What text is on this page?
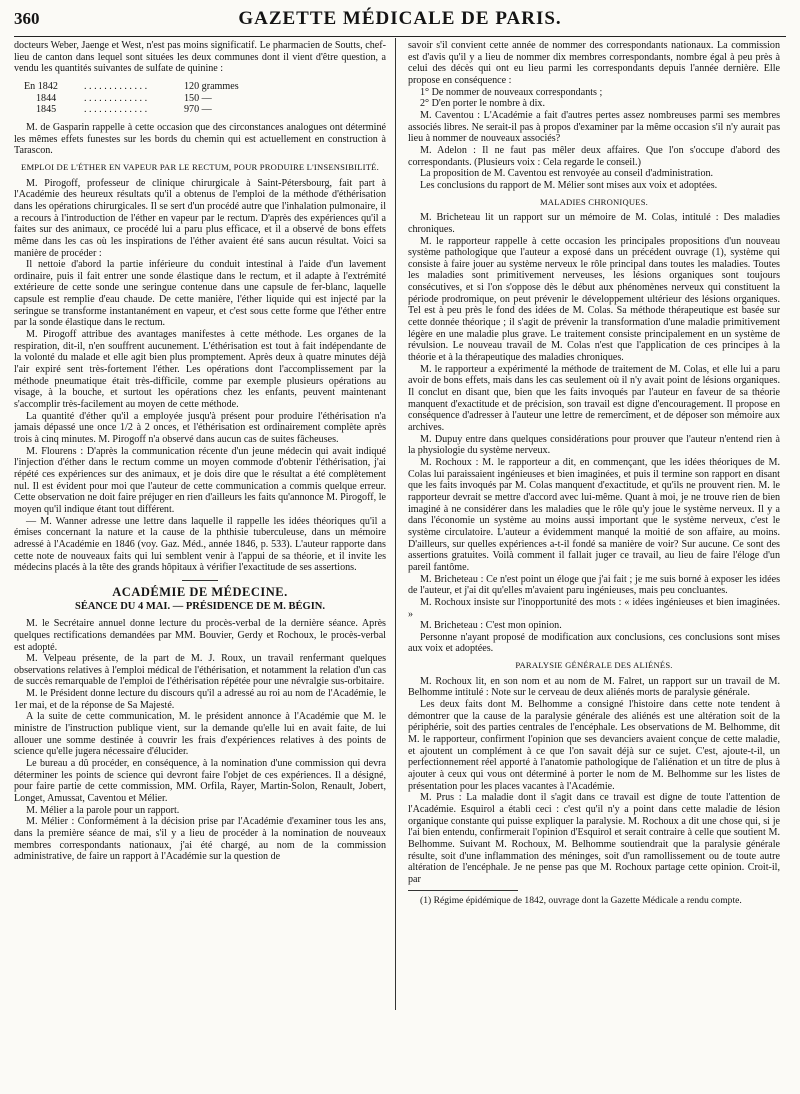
360	GAZETTE MÉDICALE DE PARIS.

docteurs Weber, Jaenge et West, n'est pas moins significatif. Le pharmacien de Soutts, chef-lieu de canton dans lequel sont situées les deux communes dont il vient d'être question, a vendu les quantités suivantes de sulfate de quinine :

En 1842	. . . . . . . . . . . . .	120 grammes
1844	. . . . . . . . . . . . .	150 —
1845	. . . . . . . . . . . . .	970 —

M. de Gasparin rappelle à cette occasion que des circonstances analogues ont déterminé les mêmes effets funestes sur les bords du chemin qui est actuellement en construction à Tarascon.

EMPLOI DE L'ÉTHER EN VAPEUR PAR LE RECTUM, POUR PRODUIRE L'INSENSIBILITÉ.

M. Pirogoff, professeur de clinique chirurgicale à Saint-Pétersbourg, fait part à l'Académie des heureux résultats qu'il a obtenus de l'emploi de la méthode d'éthérisation dans les opérations chirurgicales. Il se sert d'un procédé autre que l'inhalation pulmonaire, il a recours à l'introduction de l'éther en vapeur par le rectum. D'après des expériences qu'il a faites sur des animaux, ce procédé lui a paru plus efficace, et il a observé de bons effets même dans les cas où les inspirations de l'éther avaient été sans aucun résultat. Voici sa manière de procéder :

Il nettoie d'abord la partie inférieure du conduit intestinal à l'aide d'un lavement ordinaire, puis il fait entrer une sonde élastique dans le rectum, et il adapte à l'extrémité extérieure de cette sonde une seringue contenue dans une capsule de fer-blanc, laquelle capsule est remplie d'eau chaude. De cette manière, l'éther liquide qui est injecté par la seringue se transforme instantanément en vapeur, et c'est sous cette forme que l'éther entre par la sonde élastique dans le rectum.

M. Pirogoff attribue des avantages manifestes à cette méthode. Les organes de la respiration, dit-il, n'en souffrent aucunement. L'éthérisation est tout à fait indépendante de la volonté du malade et elle agit bien plus promptement. Après deux à quatre minutes déjà l'air expiré sent très-fortement l'éther. Les opérations dont l'accomplissement par la méthode pneumatique était très-difficile, comme par exemple plusieurs opérations au visage, à la bouche, et surtout les opérations chez les enfants, peuvent maintenant s'accomplir très-facilement au moyen de cette méthode.

La quantité d'éther qu'il a employée jusqu'à présent pour produire l'éthérisation n'a jamais dépassé une once 1/2 à 2 onces, et l'éthérisation est ordinairement complète après trois à cinq minutes. M. Pirogoff n'a observé dans aucun cas de suites fâcheuses.

M. Flourens : D'après la communication récente d'un jeune médecin qui avait indiqué l'injection d'éther dans le rectum comme un moyen commode d'obtenir l'éthérisation, j'ai répété ces expériences sur des animaux, et je dois dire que le résultat a été complètement nul. Il est évident pour moi que l'auteur de cette communication a commis quelque erreur. Cette observation ne doit faire préjuger en rien d'ailleurs les faits qu'annonce M. Pirogoff, le moyen qu'il indique étant tout différent.

— M. Wanner adresse une lettre dans laquelle il rappelle les idées théoriques qu'il a émises concernant la nature et la cause de la phthisie tuberculeuse, dans un mémoire adressé à l'Académie en 1846 (voy. Gaz. Méd., année 1846, p. 533). L'auteur rapporte dans cette note de nouveaux faits qui lui semblent venir à l'appui de sa théorie, et il invite les médecins placés à la tête des grands hôpitaux à vérifier l'exactitude de ses assertions.

ACADÉMIE DE MÉDECINE.
SÉANCE DU 4 MAI. — PRÉSIDENCE DE M. BÉGIN.

M. le Secrétaire annuel donne lecture du procès-verbal de la dernière séance. Après quelques rectifications demandées par MM. Bouvier, Gerdy et Rochoux, le procès-verbal est adopté.

M. Velpeau présente, de la part de M. J. Roux, un travail renfermant quelques observations relatives à l'emploi médical de l'éthérisation, et notamment la relation d'un cas de succès remarquable de l'emploi de l'éthérisation répétée pour une névralgie sus-orbitaire.

M. le Président donne lecture du discours qu'il a adressé au roi au nom de l'Académie, le 1er mai, et de la réponse de Sa Majesté.

A la suite de cette communication, M. le président annonce à l'Académie que M. le ministre de l'instruction publique vient, sur la demande qu'elle lui en avait faite, de lui allouer une somme destinée à couvrir les frais d'expériences relatives à des points de science qu'elle jugera nécessaire d'élucider.

Le bureau a dû procéder, en conséquence, à la nomination d'une commission qui devra déterminer les points de science qui devront faire l'objet de ces expériences. Il a désigné, pour faire partie de cette commission, MM. Orfila, Rayer, Martin-Solon, Renault, Jobert, Longet, Amussat, Caventou et Mélier.

M. Mélier a la parole pour un rapport.

M. Mélier : Conformément à la décision prise par l'Académie d'examiner tous les ans, dans la première séance de mai, s'il y a lieu de procéder à la nomination de nouveaux membres correspondants nationaux, j'ai été chargé, au nom de la commission administrative, de faire un rapport à l'Académie sur la question de

savoir s'il convient cette année de nommer des correspondants nationaux. La commission est d'avis qu'il y a lieu de nommer dix membres correspondants, nombre égal à peu près à celui des décès qui ont eu lieu parmi les correspondants depuis l'année dernière. Elle propose en conséquence :

1° De nommer de nouveaux correspondants ;

2° D'en porter le nombre à dix.

M. Caventou : L'Académie a fait d'autres pertes assez nombreuses parmi ses membres associés libres. Ne serait-il pas à propos d'examiner par la même occasion s'il n'y aurait pas lieu à nommer de nouveaux associés?

M. Adelon : Il ne faut pas mêler deux affaires. Que l'on s'occupe d'abord des correspondants. (Plusieurs voix : Cela regarde le conseil.)

La proposition de M. Caventou est renvoyée au conseil d'administration.

Les conclusions du rapport de M. Mélier sont mises aux voix et adoptées.

MALADIES CHRONIQUES.

M. Bricheteau lit un rapport sur un mémoire de M. Colas, intitulé : Des maladies chroniques.

M. le rapporteur rappelle à cette occasion les principales propositions d'un nouveau système pathologique que l'auteur a exposé dans un précédent ouvrage (1), système qui consiste à faire jouer au système nerveux le rôle principal dans toutes les maladies. Toutes les maladies sont primitivement nerveuses, les lésions organiques sont toujours consécutives, et si l'on s'oppose dès le début aux phénomènes nerveux qui constituent la période prodromique, on peut prévenir le développement ultérieur des lésions organiques. Tel est à peu près le fond des idées de M. Colas. Sa méthode thérapeutique est basée sur cette donnée théorique ; il s'agit de prévenir la transformation d'une maladie primitivement légère en une maladie plus grave. Le traitement consiste principalement en un système de révulsion. Le nouveau travail de M. Colas n'est que l'application de ces principes à la théorie et à la thérapeutique des maladies chroniques.

M. le rapporteur a expérimenté la méthode de traitement de M. Colas, et elle lui a paru avoir de bons effets, mais dans les cas seulement où il n'y avait point de lésions organiques. Il conclut en disant que, bien que les faits invoqués par l'auteur en faveur de sa théorie manquent d'exactitude et de précision, son travail est digne d'encouragement. Il propose en conséquence d'adresser à l'auteur une lettre de remercîment, et de déposer son mémoire aux archives.

M. Dupuy entre dans quelques considérations pour prouver que l'auteur n'entend rien à la physiologie du système nerveux.

M. Rochoux : M. le rapporteur a dit, en commençant, que les idées théoriques de M. Colas lui paraissaient ingénieuses et bien imaginées, et puis il termine son rapport en disant que les faits invoqués par M. Colas manquent d'exactitude, et qu'ils ne prouvent rien. M. le rapporteur devrait se mettre d'accord avec lui-même. Quant à moi, je ne trouve rien de bien imaginé à ne considérer dans les maladies que le rôle qu'y joue le système nerveux. Il y a dans l'économie un système au moins aussi important que le système nerveux, c'est le système circulatoire. L'auteur a évidemment manqué la moitié de son affaire, au moins. D'ailleurs, sur quelles expériences a-t-il fondé sa manière de voir? Sur aucune. Ce sont des assertions gratuites. Voilà comment il fallait juger ce travail, au lieu de faire l'éloge d'un pareil fantôme.

M. Bricheteau : Ce n'est point un éloge que j'ai fait ; je me suis borné à exposer les idées de l'auteur, et j'ai dit qu'elles m'avaient paru ingénieuses, mais peu concluantes.

M. Rochoux insiste sur l'inopportunité des mots : « idées ingénieuses et bien imaginées. »

M. Bricheteau : C'est mon opinion.

Personne n'ayant proposé de modification aux conclusions, ces conclusions sont mises aux voix et adoptées.

PARALYSIE GÉNÉRALE DES ALIÉNÉS.

M. Rochoux lit, en son nom et au nom de M. Falret, un rapport sur un travail de M. Belhomme intitulé : Note sur le cerveau de deux aliénés morts de paralysie générale.

Les deux faits dont M. Belhomme a consigné l'histoire dans cette note tendent à démontrer que la cause de la paralysie générale des aliénés est une altération soit de la périphérie, soit des parties centrales de l'encéphale. Les observations de M. Belhomme, dit M. le rapporteur, confirment l'opinion que ses devanciers avaient conçue de cette maladie, et ajoutent un complément à ce que l'on savait déjà sur ce sujet. C'est, ajoute-t-il, un perfectionnement réel apporté à l'anatomie pathologique de l'aliénation et un titre de plus à ajouter à ceux qui vous ont déterminé à porter le nom de M. Belhomme sur les listes de présentation pour les places vacantes à l'Académie.

M. Prus : La maladie dont il s'agit dans ce travail est digne de toute l'attention de l'Académie. Esquirol a établi ceci : c'est qu'il n'y a point dans cette maladie de lésion organique constante qui puisse expliquer la paralysie. M. Rochoux a dit une chose qui, si je l'ai bien entendu, confirmerait l'opinion d'Esquirol et serait contraire à celle que soutient M. Belhomme. Suivant M. Rochoux, M. Belhomme soutiendrait que la paralysie générale résulte, soit d'une inflammation des méninges, soit d'un ramollissement ou de toute autre altération de l'encéphale. Je ne pense pas que M. Rochoux partage cette opinion. Croit-il, par

(1) Régime épidémique de 1842, ouvrage dont la Gazette Médicale a rendu compte.
